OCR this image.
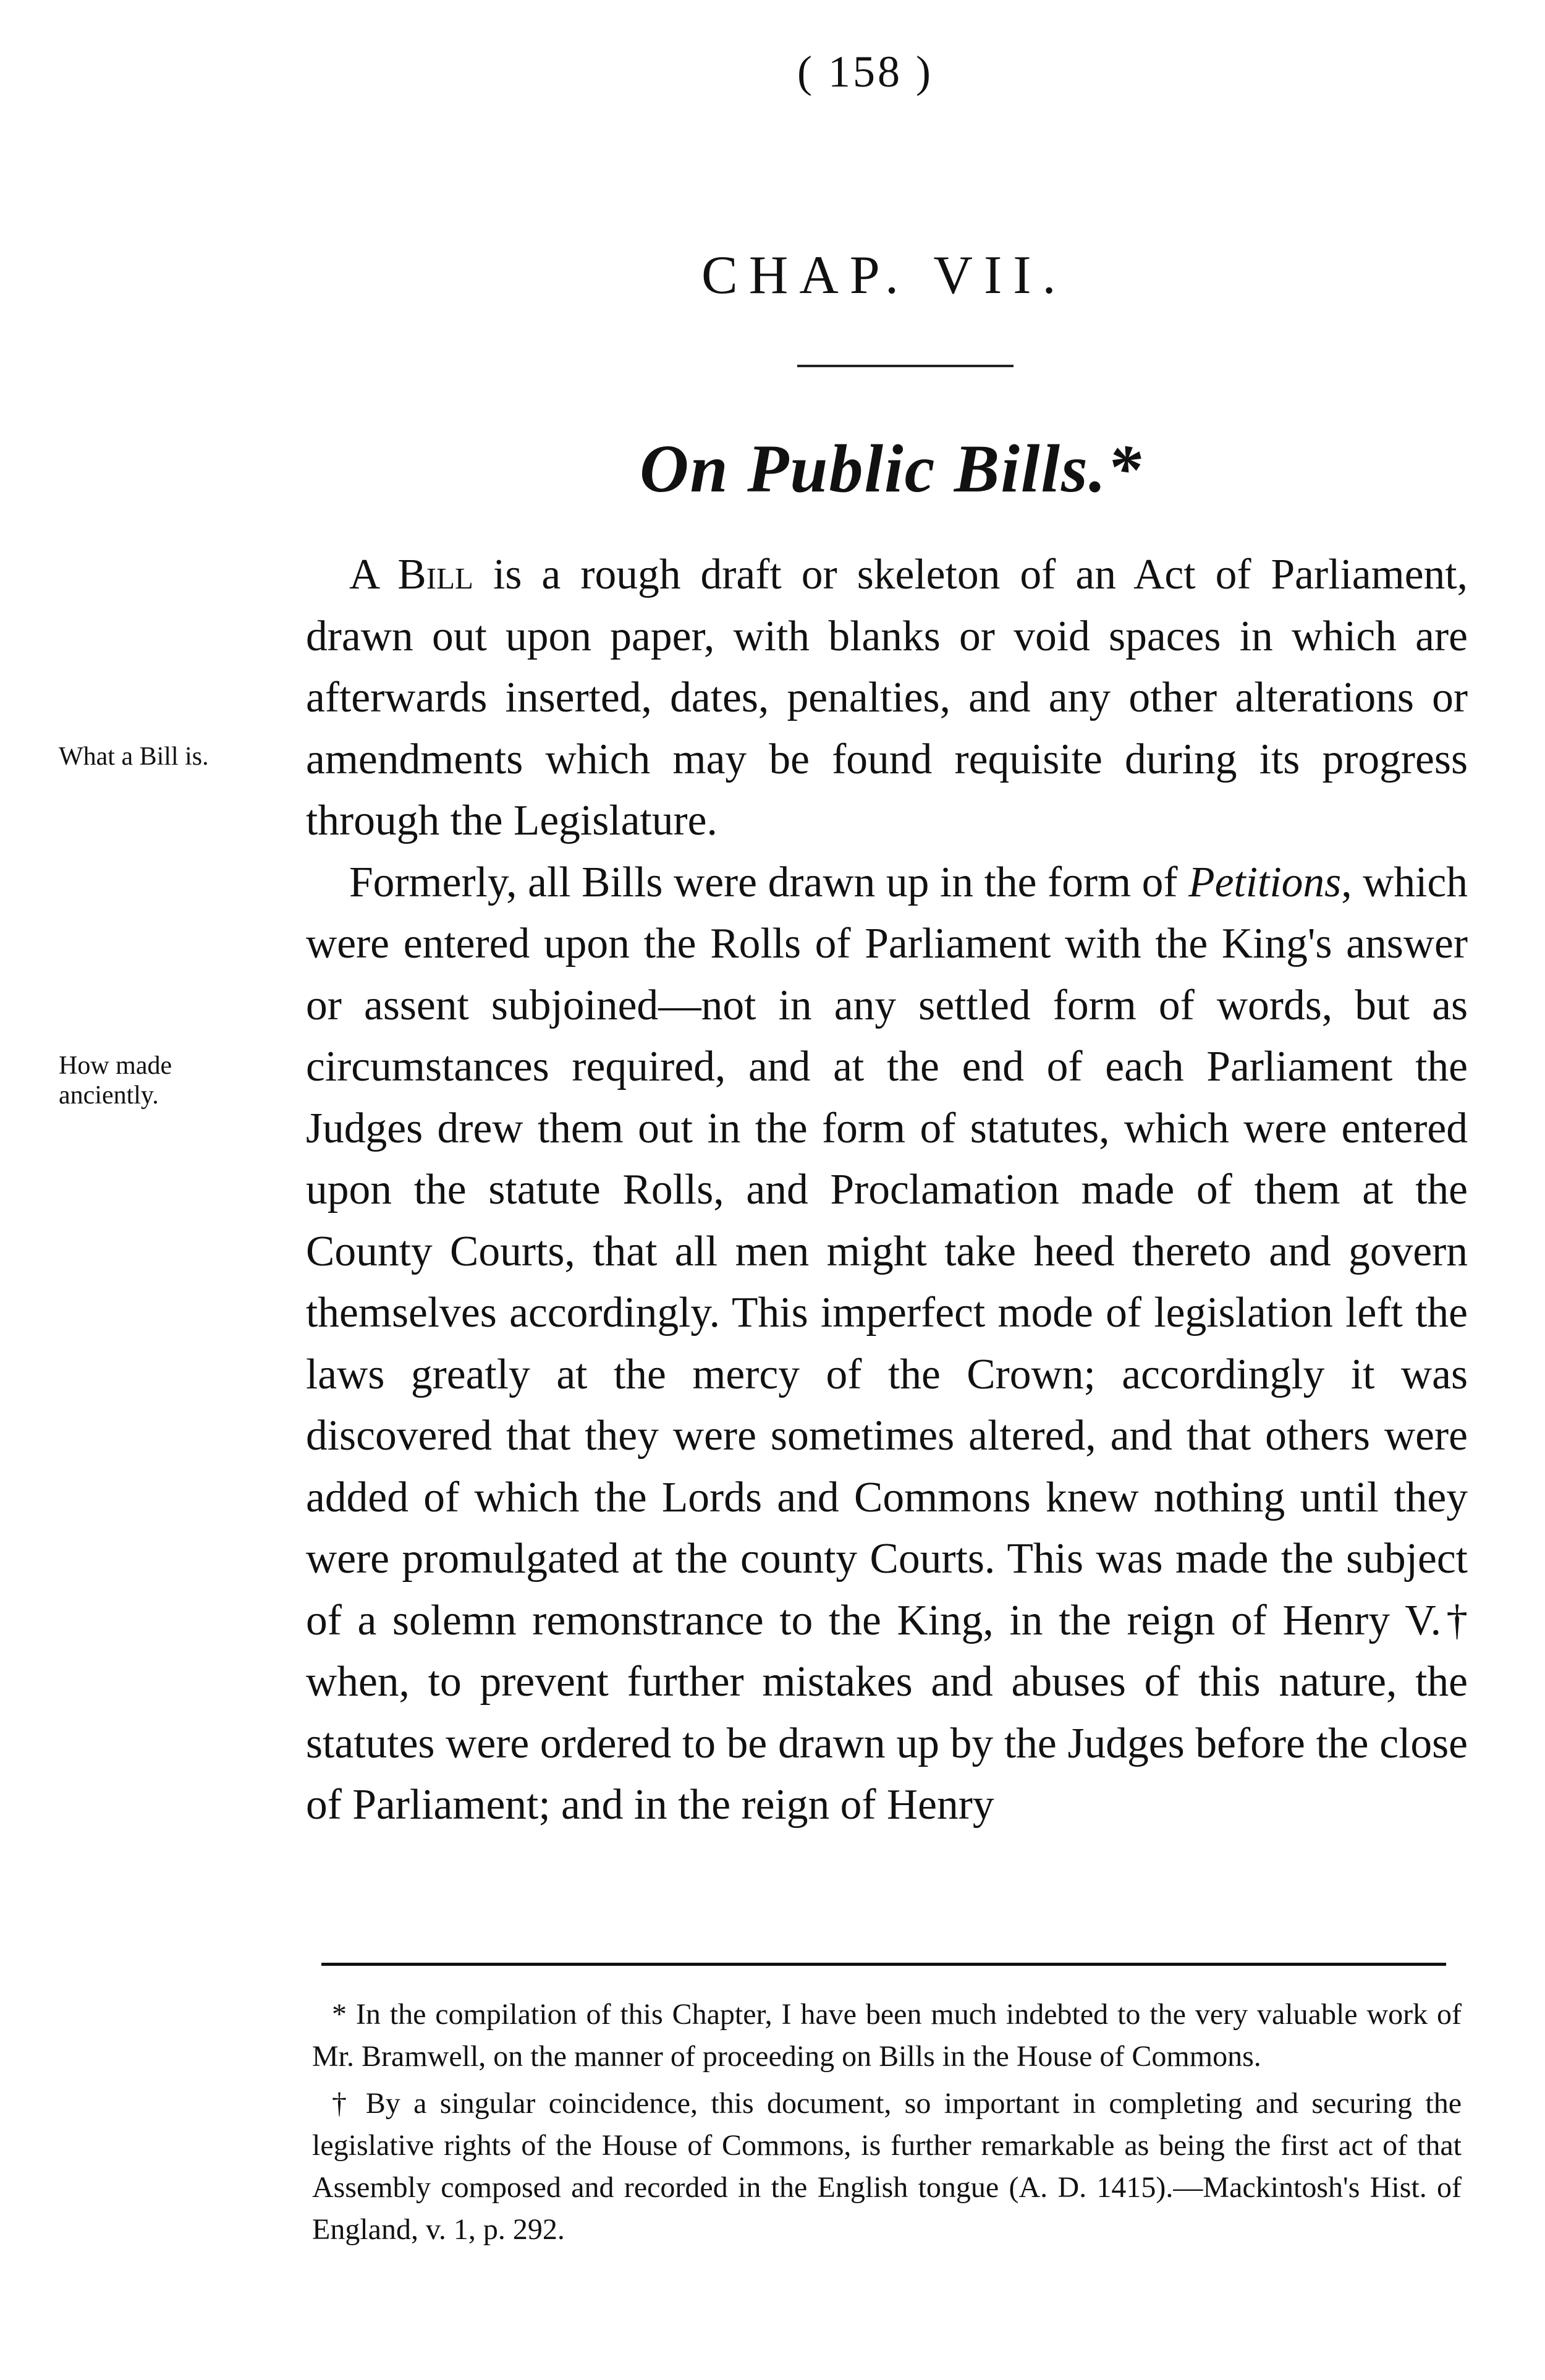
( 158 )
CHAP. VII.
On Public Bills.*
What a Bill is.
How made anciently.

A Bill is a rough draft or skeleton of an Act of Parliament, drawn out upon paper, with blanks or void spaces in which are afterwards inserted, dates, penalties, and any other alterations or amendments which may be found requisite during its progress through the Legislature.

Formerly, all Bills were drawn up in the form of Petitions, which were entered upon the Rolls of Parliament with the King's answer or assent subjoined—not in any settled form of words, but as circumstances required, and at the end of each Parliament the Judges drew them out in the form of statutes, which were entered upon the statute Rolls, and Proclamation made of them at the County Courts, that all men might take heed thereto and govern themselves accordingly. This imperfect mode of legislation left the laws greatly at the mercy of the Crown; accordingly it was discovered that they were sometimes altered, and that others were added of which the Lords and Commons knew nothing until they were promulgated at the county Courts. This was made the subject of a solemn remonstrance to the King, in the reign of Henry V.† when, to prevent further mistakes and abuses of this nature, the statutes were ordered to be drawn up by the Judges before the close of Parliament; and in the reign of Henry

* In the compilation of this Chapter, I have been much indebted to the very valuable work of Mr. Bramwell, on the manner of proceeding on Bills in the House of Commons.

† By a singular coincidence, this document, so important in completing and securing the legislative rights of the House of Commons, is further remarkable as being the first act of that Assembly composed and recorded in the English tongue (A. D. 1415).—Mackintosh's Hist. of England, v. 1, p. 292.
